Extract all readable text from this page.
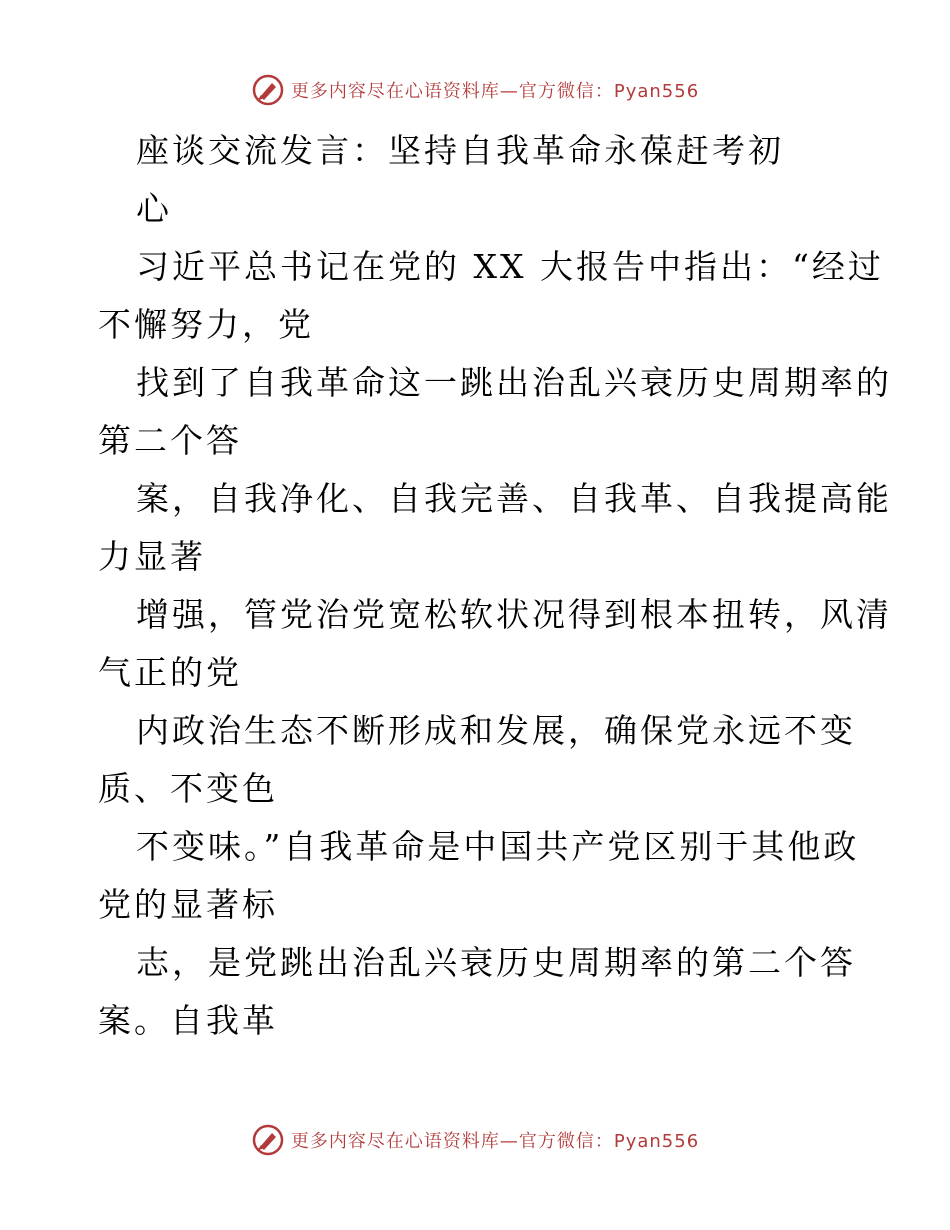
更多内容尽在心语资料库—官方微信：Pyan556
座谈交流发言：坚持自我革命永葆赶考初
心
习近平总书记在党的 XX 大报告中指出：“经过
不懈努力，党
找到了自我革命这一跳出治乱兴衰历史周期率的
第二个答
案，自我净化、自我完善、自我革、自我提高能
力显著
增强，管党治党宽松软状况得到根本扭转，风清
气正的党
内政治生态不断形成和发展，确保党永远不变
质、不变色
不变味。”自我革命是中国共产党区别于其他政
党的显著标
志，是党跳出治乱兴衰历史周期率的第二个答
案。自我革
更多内容尽在心语资料库—官方微信：Pyan556
